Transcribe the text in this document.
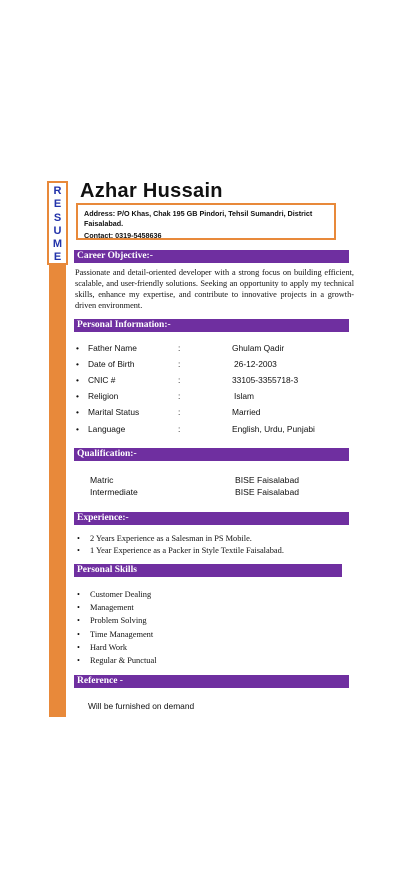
R
E
S
U
M
E
Azhar Hussain
Address: P/O Khas, Chak 195 GB Pindori, Tehsil Sumandri, District Faisalabad.
Contact: 0319-5458636
Career Objective:-
Passionate and detail-oriented developer with a strong focus on building efficient, scalable, and user-friendly solutions. Seeking an opportunity to apply my technical skills, enhance my expertise, and contribute to innovative projects in a growth-driven environment.
Personal Information:-
• Father Name	:	Ghulam Qadir
• Date of Birth	:	26-12-2003
• CNIC #	:	33105-3355718-3
• Religion	:	Islam
• Marital Status	:	Married
• Language	:	English, Urdu, Punjabi
Qualification:-
Matric	BISE Faisalabad
Intermediate	BISE Faisalabad
Experience:-
• 2 Years Experience as a Salesman in PS Mobile.
• 1 Year Experience as a Packer in Style Textile Faisalabad.
Personal Skills
• Customer Dealing
• Management
• Problem Solving
• Time Management
• Hard Work
• Regular & Punctual
Reference -
Will be furnished on demand
